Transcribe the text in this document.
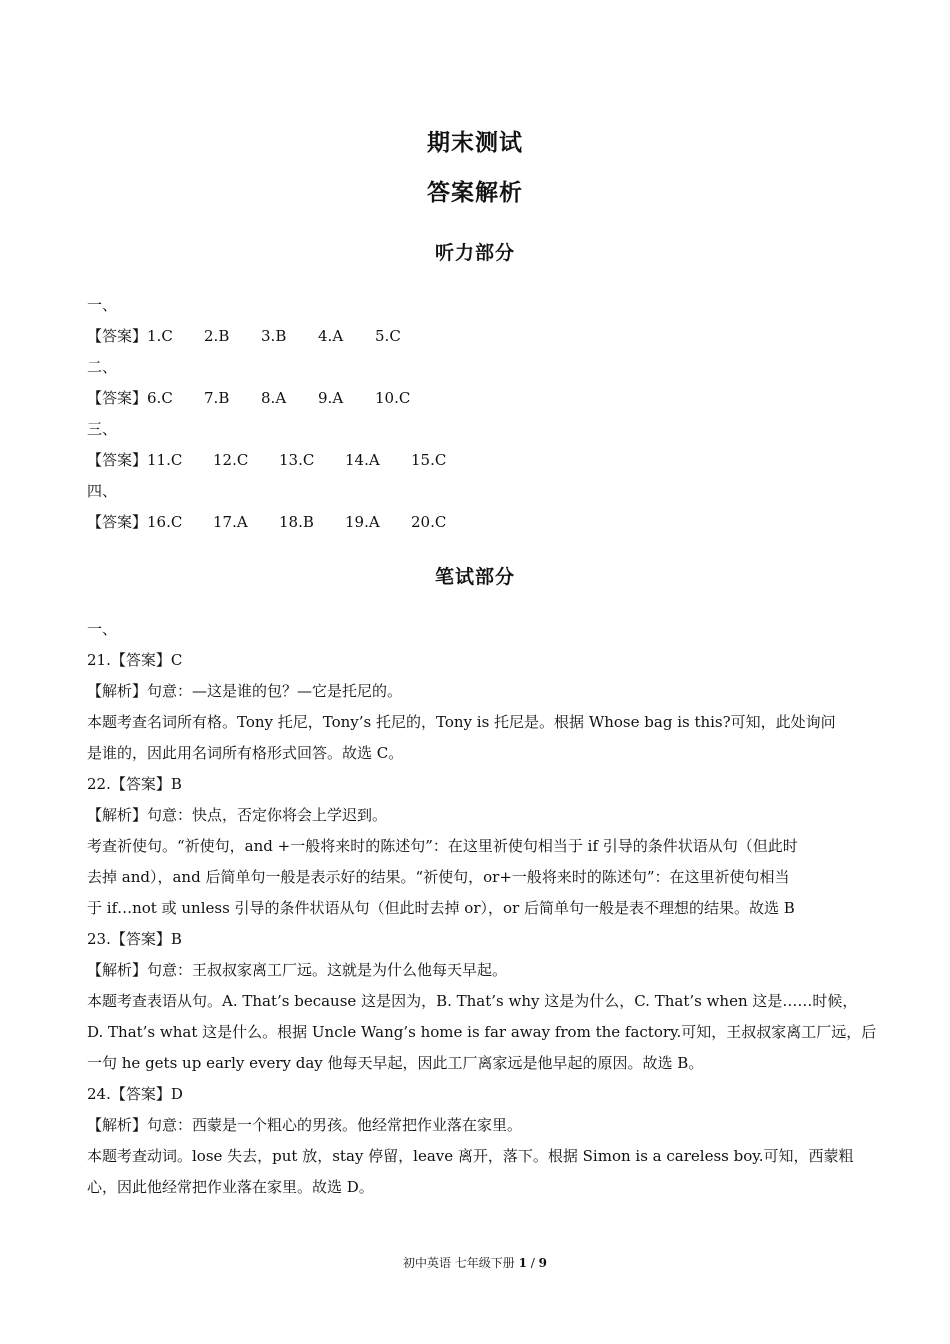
期末测试
答案解析
听力部分
一、
【答案】1.C 2.B 3.B 4.A 5.C
二、
【答案】6.C 7.B 8.A 9.A 10.C
三、
【答案】11.C 12.C 13.C 14.A 15.C
四、
【答案】16.C 17.A 18.B 19.A 20.C
笔试部分
一、
21.【答案】C
【解析】句意：—这是谁的包？—它是托尼的。
本题考查名词所有格。Tony 托尼，Tony’s 托尼的，Tony is 托尼是。根据 Whose bag is this?可知，此处询问
是谁的，因此用名词所有格形式回答。故选 C。
22.【答案】B
【解析】句意：快点，否定你将会上学迟到。
考查祈使句。“祈使句，and +一般将来时的陈述句”：在这里祈使句相当于 if 引导的条件状语从句（但此时
去掉 and），and 后简单句一般是表示好的结果。“祈使句，or+一般将来时的陈述句”：在这里祈使句相当
于 if…not 或 unless 引导的条件状语从句（但此时去掉 or），or 后简单句一般是表不理想的结果。故选 B
23.【答案】B
【解析】句意：王叔叔家离工厂远。这就是为什么他每天早起。
本题考查表语从句。A. That’s because 这是因为，B. That’s why 这是为什么，C. That’s when 这是……时候，
D. That’s what 这是什么。根据 Uncle Wang’s home is far away from the factory.可知，王叔叔家离工厂远，后
一句 he gets up early every day 他每天早起，因此工厂离家远是他早起的原因。故选 B。
24.【答案】D
【解析】句意：西蒙是一个粗心的男孩。他经常把作业落在家里。
本题考查动词。lose 失去，put 放，stay 停留，leave 离开，落下。根据 Simon is a careless boy.可知，西蒙粗
心，因此他经常把作业落在家里。故选 D。
初中英语 七年级下册 1 / 9
